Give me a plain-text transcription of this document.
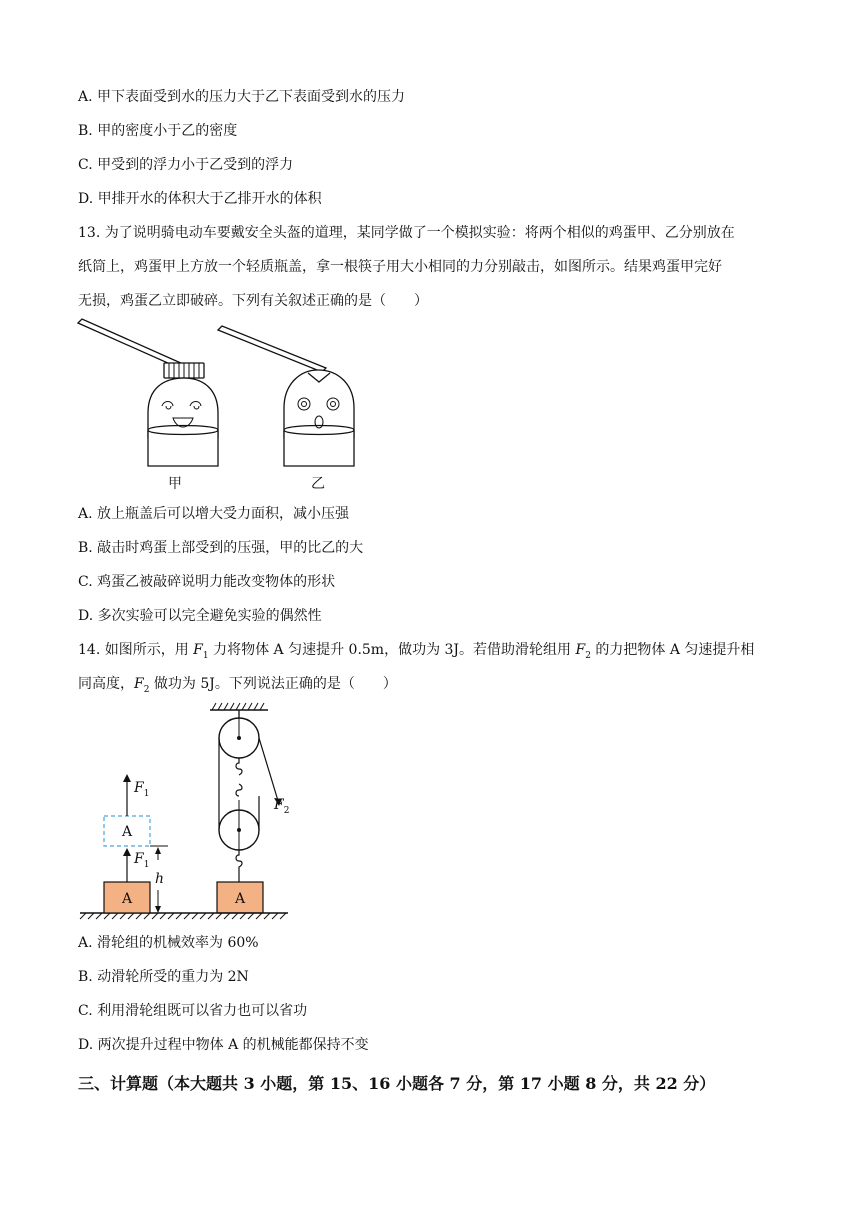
A. 甲下表面受到水的压力大于乙下表面受到水的压力
B. 甲的密度小于乙的密度
C. 甲受到的浮力小于乙受到的浮力
D. 甲排开水的体积大于乙排开水的体积
13. 为了说明骑电动车要戴安全头盔的道理，某同学做了一个模拟实验：将两个相似的鸡蛋甲、乙分别放在
纸筒上，鸡蛋甲上方放一个轻质瓶盖，拿一根筷子用大小相同的力分别敲击，如图所示。结果鸡蛋甲完好
无损，鸡蛋乙立即破碎。下列有关叙述正确的是（　　）
甲	乙
A. 放上瓶盖后可以增大受力面积，减小压强
B. 敲击时鸡蛋上部受到的压强，甲的比乙的大
C. 鸡蛋乙被敲碎说明力能改变物体的形状
D. 多次实验可以完全避免实验的偶然性
14. 如图所示，用 $F_1$ 力将物体 A 匀速提升 0.5m，做功为 3J。若借助滑轮组用 $F_2$ 的力把物体 A 匀速提升相
同高度，$F_2$ 做功为 5J。下列说法正确的是（　　）
$F_2$
A
A
A
$F_1$
$F_1$
h
A. 滑轮组的机械效率为 60%
B. 动滑轮所受的重力为 2N
C. 利用滑轮组既可以省力也可以省功
D. 两次提升过程中物体 A 的机械能都保持不变
三、计算题（本大题共 3 小题，第 15、16 小题各 7 分，第 17 小题 8 分，共 22 分）
